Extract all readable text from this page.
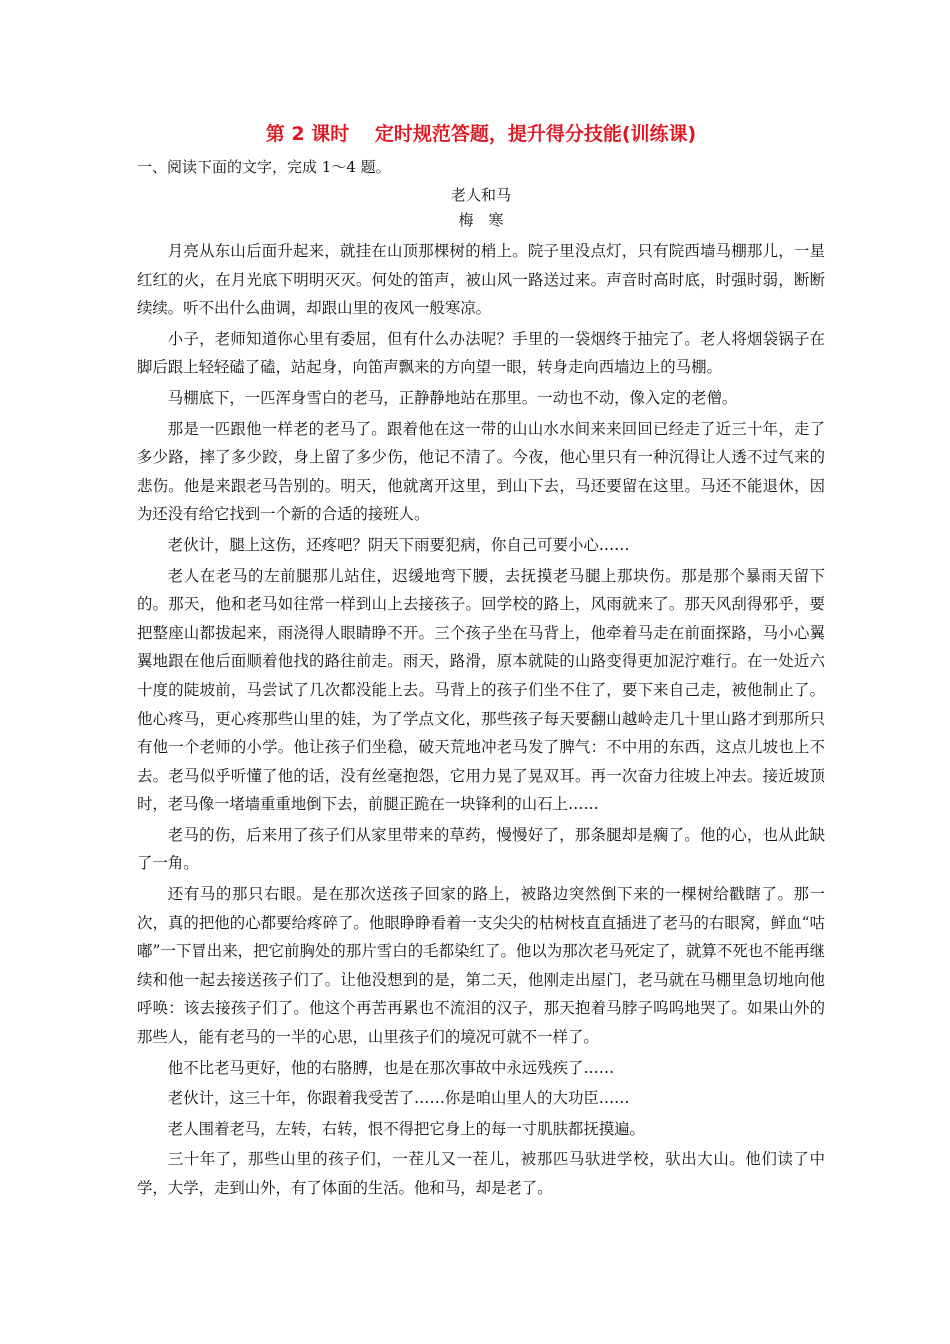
第 2 课时　 定时规范答题，提升得分技能(训练课)

一、阅读下面的文字，完成 1～4 题。

老人和马

梅寒

月亮从东山后面升起来，就挂在山顶那棵树的梢上。院子里没点灯，只有院西墙马棚那儿，一星红红的火，在月光底下明明灭灭。何处的笛声，被山风一路送过来。声音时高时底，时强时弱，断断续续。听不出什么曲调，却跟山里的夜风一般寒凉。

小子，老师知道你心里有委屈，但有什么办法呢？手里的一袋烟终于抽完了。老人将烟袋锅子在脚后跟上轻轻磕了磕，站起身，向笛声飘来的方向望一眼，转身走向西墙边上的马棚。

马棚底下，一匹浑身雪白的老马，正静静地站在那里。一动也不动，像入定的老僧。

那是一匹跟他一样老的老马了。跟着他在这一带的山山水水间来来回回已经走了近三十年，走了多少路，摔了多少跤，身上留了多少伤，他记不清了。今夜，他心里只有一种沉得让人透不过气来的悲伤。他是来跟老马告别的。明天，他就离开这里，到山下去，马还要留在这里。马还不能退休，因为还没有给它找到一个新的合适的接班人。

老伙计，腿上这伤，还疼吧？阴天下雨要犯病，你自己可要小心……

老人在老马的左前腿那儿站住，迟缓地弯下腰，去抚摸老马腿上那块伤。那是那个暴雨天留下的。那天，他和老马如往常一样到山上去接孩子。回学校的路上，风雨就来了。那天风刮得邪乎，要把整座山都拔起来，雨浇得人眼睛睁不开。三个孩子坐在马背上，他牵着马走在前面探路，马小心翼翼地跟在他后面顺着他找的路往前走。雨天，路滑，原本就陡的山路变得更加泥泞难行。在一处近六十度的陡坡前，马尝试了几次都没能上去。马背上的孩子们坐不住了，要下来自己走，被他制止了。他心疼马，更心疼那些山里的娃，为了学点文化，那些孩子每天要翻山越岭走几十里山路才到那所只有他一个老师的小学。他让孩子们坐稳，破天荒地冲老马发了脾气：不中用的东西，这点儿坡也上不去。老马似乎听懂了他的话，没有丝毫抱怨，它用力晃了晃双耳。再一次奋力往坡上冲去。接近坡顶时，老马像一堵墙重重地倒下去，前腿正跪在一块锋利的山石上……

老马的伤，后来用了孩子们从家里带来的草药，慢慢好了，那条腿却是瘸了。他的心，也从此缺了一角。

还有马的那只右眼。是在那次送孩子回家的路上，被路边突然倒下来的一棵树给戳瞎了。那一次，真的把他的心都要给疼碎了。他眼睁睁看着一支尖尖的枯树枝直直插进了老马的右眼窝，鲜血“咕嘟”一下冒出来，把它前胸处的那片雪白的毛都染红了。他以为那次老马死定了，就算不死也不能再继续和他一起去接送孩子们了。让他没想到的是，第二天，他刚走出屋门，老马就在马棚里急切地向他呼唤：该去接孩子们了。他这个再苦再累也不流泪的汉子，那天抱着马脖子呜呜地哭了。如果山外的那些人，能有老马的一半的心思，山里孩子们的境况可就不一样了。

他不比老马更好，他的右胳膊，也是在那次事故中永远残疾了……

老伙计，这三十年，你跟着我受苦了……你是咱山里人的大功臣……

老人围着老马，左转，右转，恨不得把它身上的每一寸肌肤都抚摸遍。

三十年了，那些山里的孩子们，一茬儿又一茬儿，被那匹马驮进学校，驮出大山。他们读了中学，大学，走到山外，有了体面的生活。他和马，却是老了。
